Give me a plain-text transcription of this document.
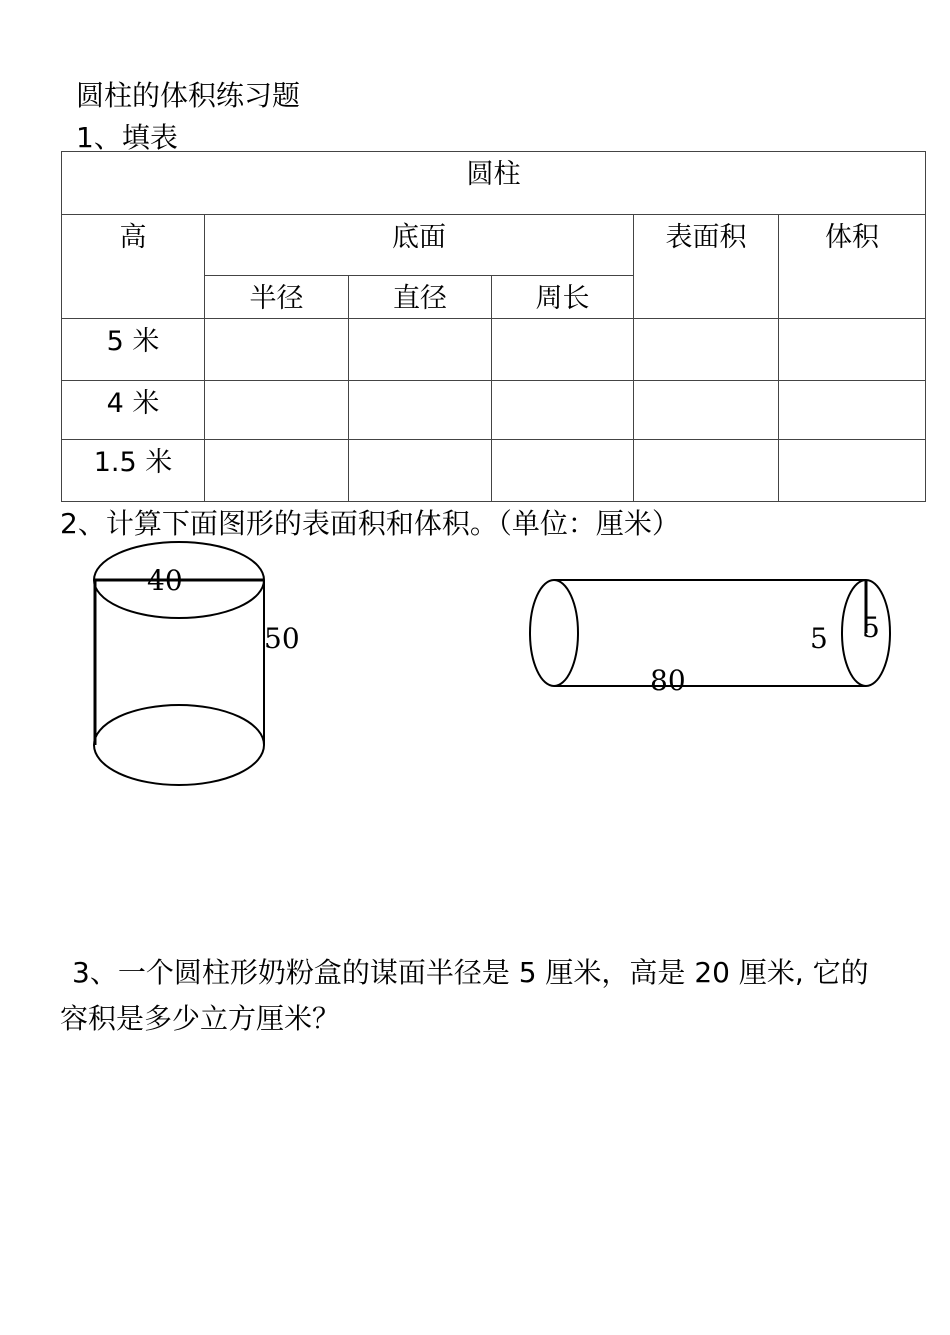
圆柱的体积练习题
1、填表
圆柱					
高	底面			表面积	体积
	半径	直径	周长		
5 米					
4 米					
1.5 米					
2、计算下面图形的表面积和体积。（单位：厘米）
40
50
80
5 5
3、一个圆柱形奶粉盒的谋面半径是 5 厘米，高是 20 厘米, 它的
容积是多少立方厘米？
